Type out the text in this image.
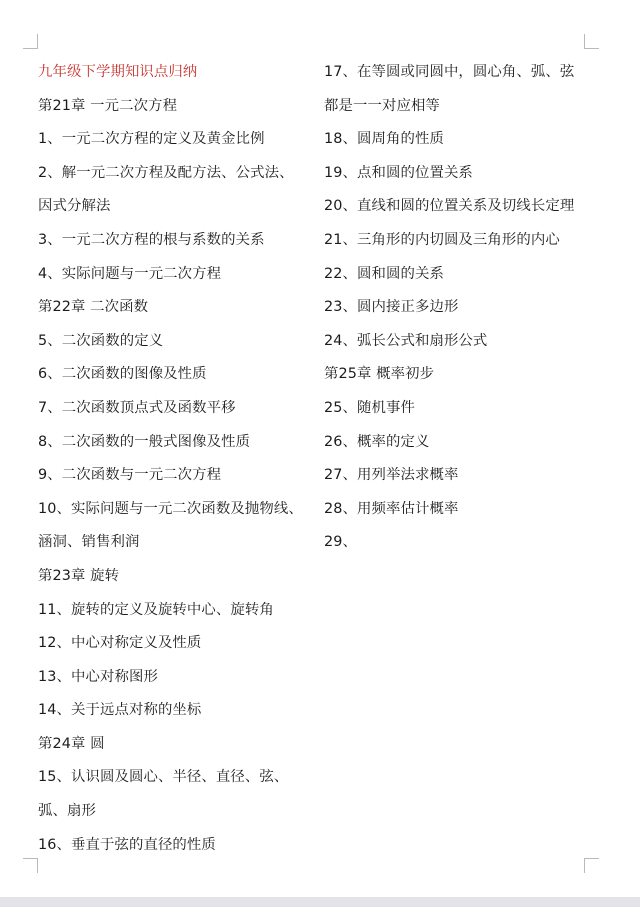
九年级下学期知识点归纳
第21章 一元二次方程
1、一元二次方程的定义及黄金比例
2、解一元二次方程及配方法、公式法、
因式分解法
3、一元二次方程的根与系数的关系
4、实际问题与一元二次方程
第22章 二次函数
5、二次函数的定义
6、二次函数的图像及性质
7、二次函数顶点式及函数平移
8、二次函数的一般式图像及性质
9、二次函数与一元二次方程
10、实际问题与一元二次函数及抛物线、
涵洞、销售利润
第23章 旋转
11、旋转的定义及旋转中心、旋转角
12、中心对称定义及性质
13、中心对称图形
14、关于远点对称的坐标
第24章 圆
15、认识圆及圆心、半径、直径、弦、
弧、扇形
16、垂直于弦的直径的性质
17、在等圆或同圆中，圆心角、弧、弦
都是一一对应相等
18、圆周角的性质
19、点和圆的位置关系
20、直线和圆的位置关系及切线长定理
21、三角形的内切圆及三角形的内心
22、圆和圆的关系
23、圆内接正多边形
24、弧长公式和扇形公式
第25章 概率初步
25、随机事件
26、概率的定义
27、用列举法求概率
28、用频率估计概率
29、
